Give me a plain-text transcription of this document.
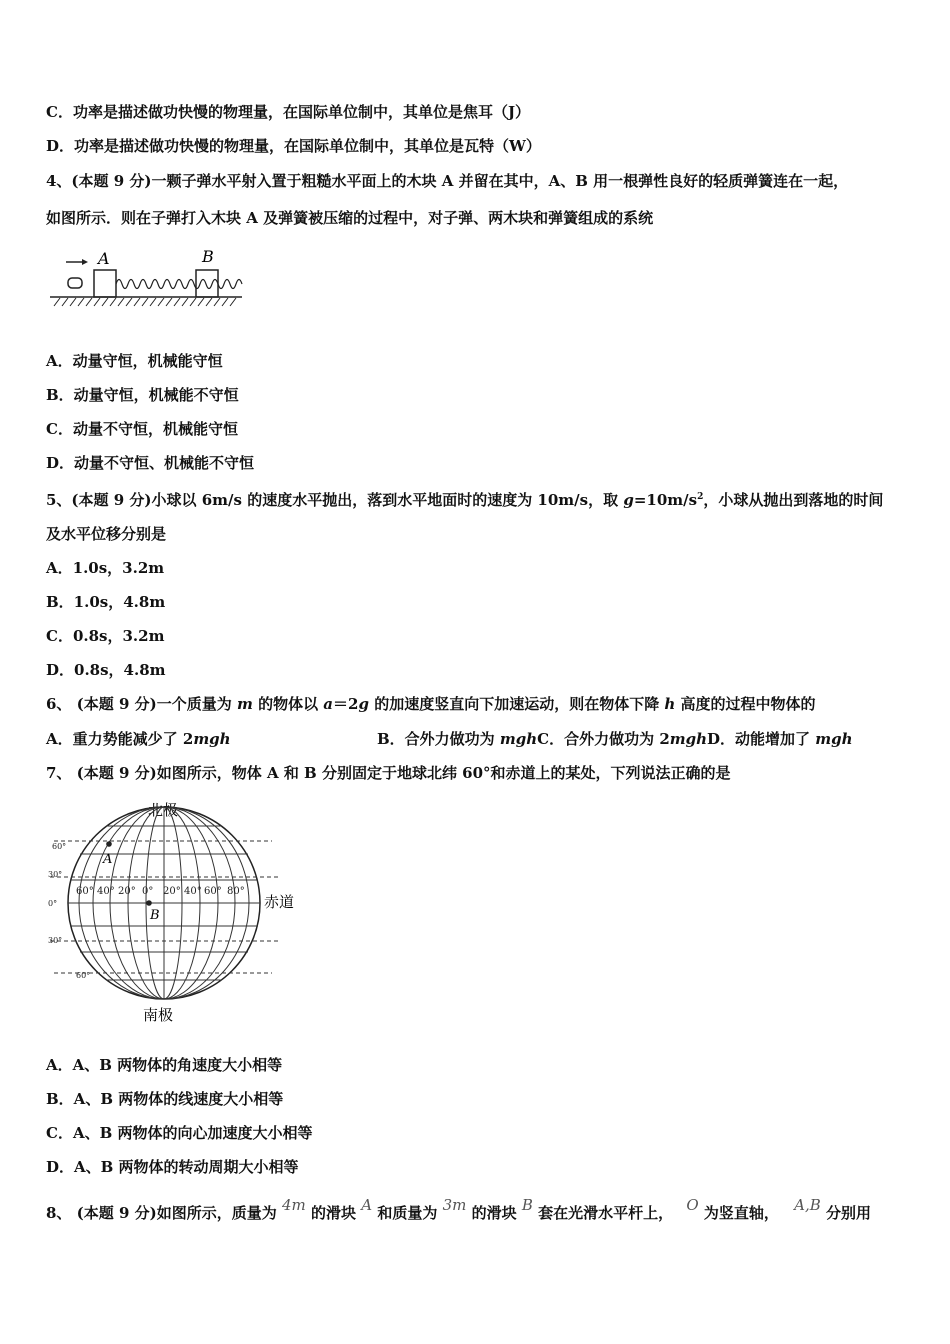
C．功率是描述做功快慢的物理量，在国际单位制中，其单位是焦耳（J）
D．功率是描述做功快慢的物理量，在国际单位制中，其单位是瓦特（W）
4、(本题 9 分)一颗子弹水平射入置于粗糙水平面上的木块 A 并留在其中，A、B 用一根弹性良好的轻质弹簧连在一起，
如图所示．则在子弹打入木块 A 及弹簧被压缩的过程中，对子弹、两木块和弹簧组成的系统
A	B
A．动量守恒，机械能守恒
B．动量守恒，机械能不守恒
C．动量不守恒，机械能守恒
D．动量不守恒、机械能不守恒
5、(本题 9 分)小球以 6m/s 的速度水平抛出，落到水平地面时的速度为 10m/s，取 $g=10m/s^2$，小球从抛出到落地的时间
及水平位移分别是
A．1.0s，3.2m
B．1.0s，4.8m
C．0.8s，3.2m
D．0.8s，4.8m
6、 (本题 9 分)一个质量为 m 的物体以 a＝2g 的加速度竖直向下加速运动，则在物体下降 h 高度的过程中物体的
A．重力势能减少了 2mgh	B．合外力做功为 mghC．合外力做功为 2mghD．动能增加了 mgh
7、 (本题 9 分)如图所示，物体 A 和 B 分别固定于地球北纬 60°和赤道上的某处，下列说法正确的是
北极
南极
赤道
60°
30°
0°
30°
60°
60° 40° 20° 0° 20° 40° 60° 80°
A
B
A．A、B 两物体的角速度大小相等
B．A、B 两物体的线速度大小相等
C．A、B 两物体的向心加速度大小相等
D．A、B 两物体的转动周期大小相等
8、 (本题 9 分)如图所示，质量为 4m 的滑块 A 和质量为 3m 的滑块 B 套在光滑水平杆上， O 为竖直轴， A,B 分别用
